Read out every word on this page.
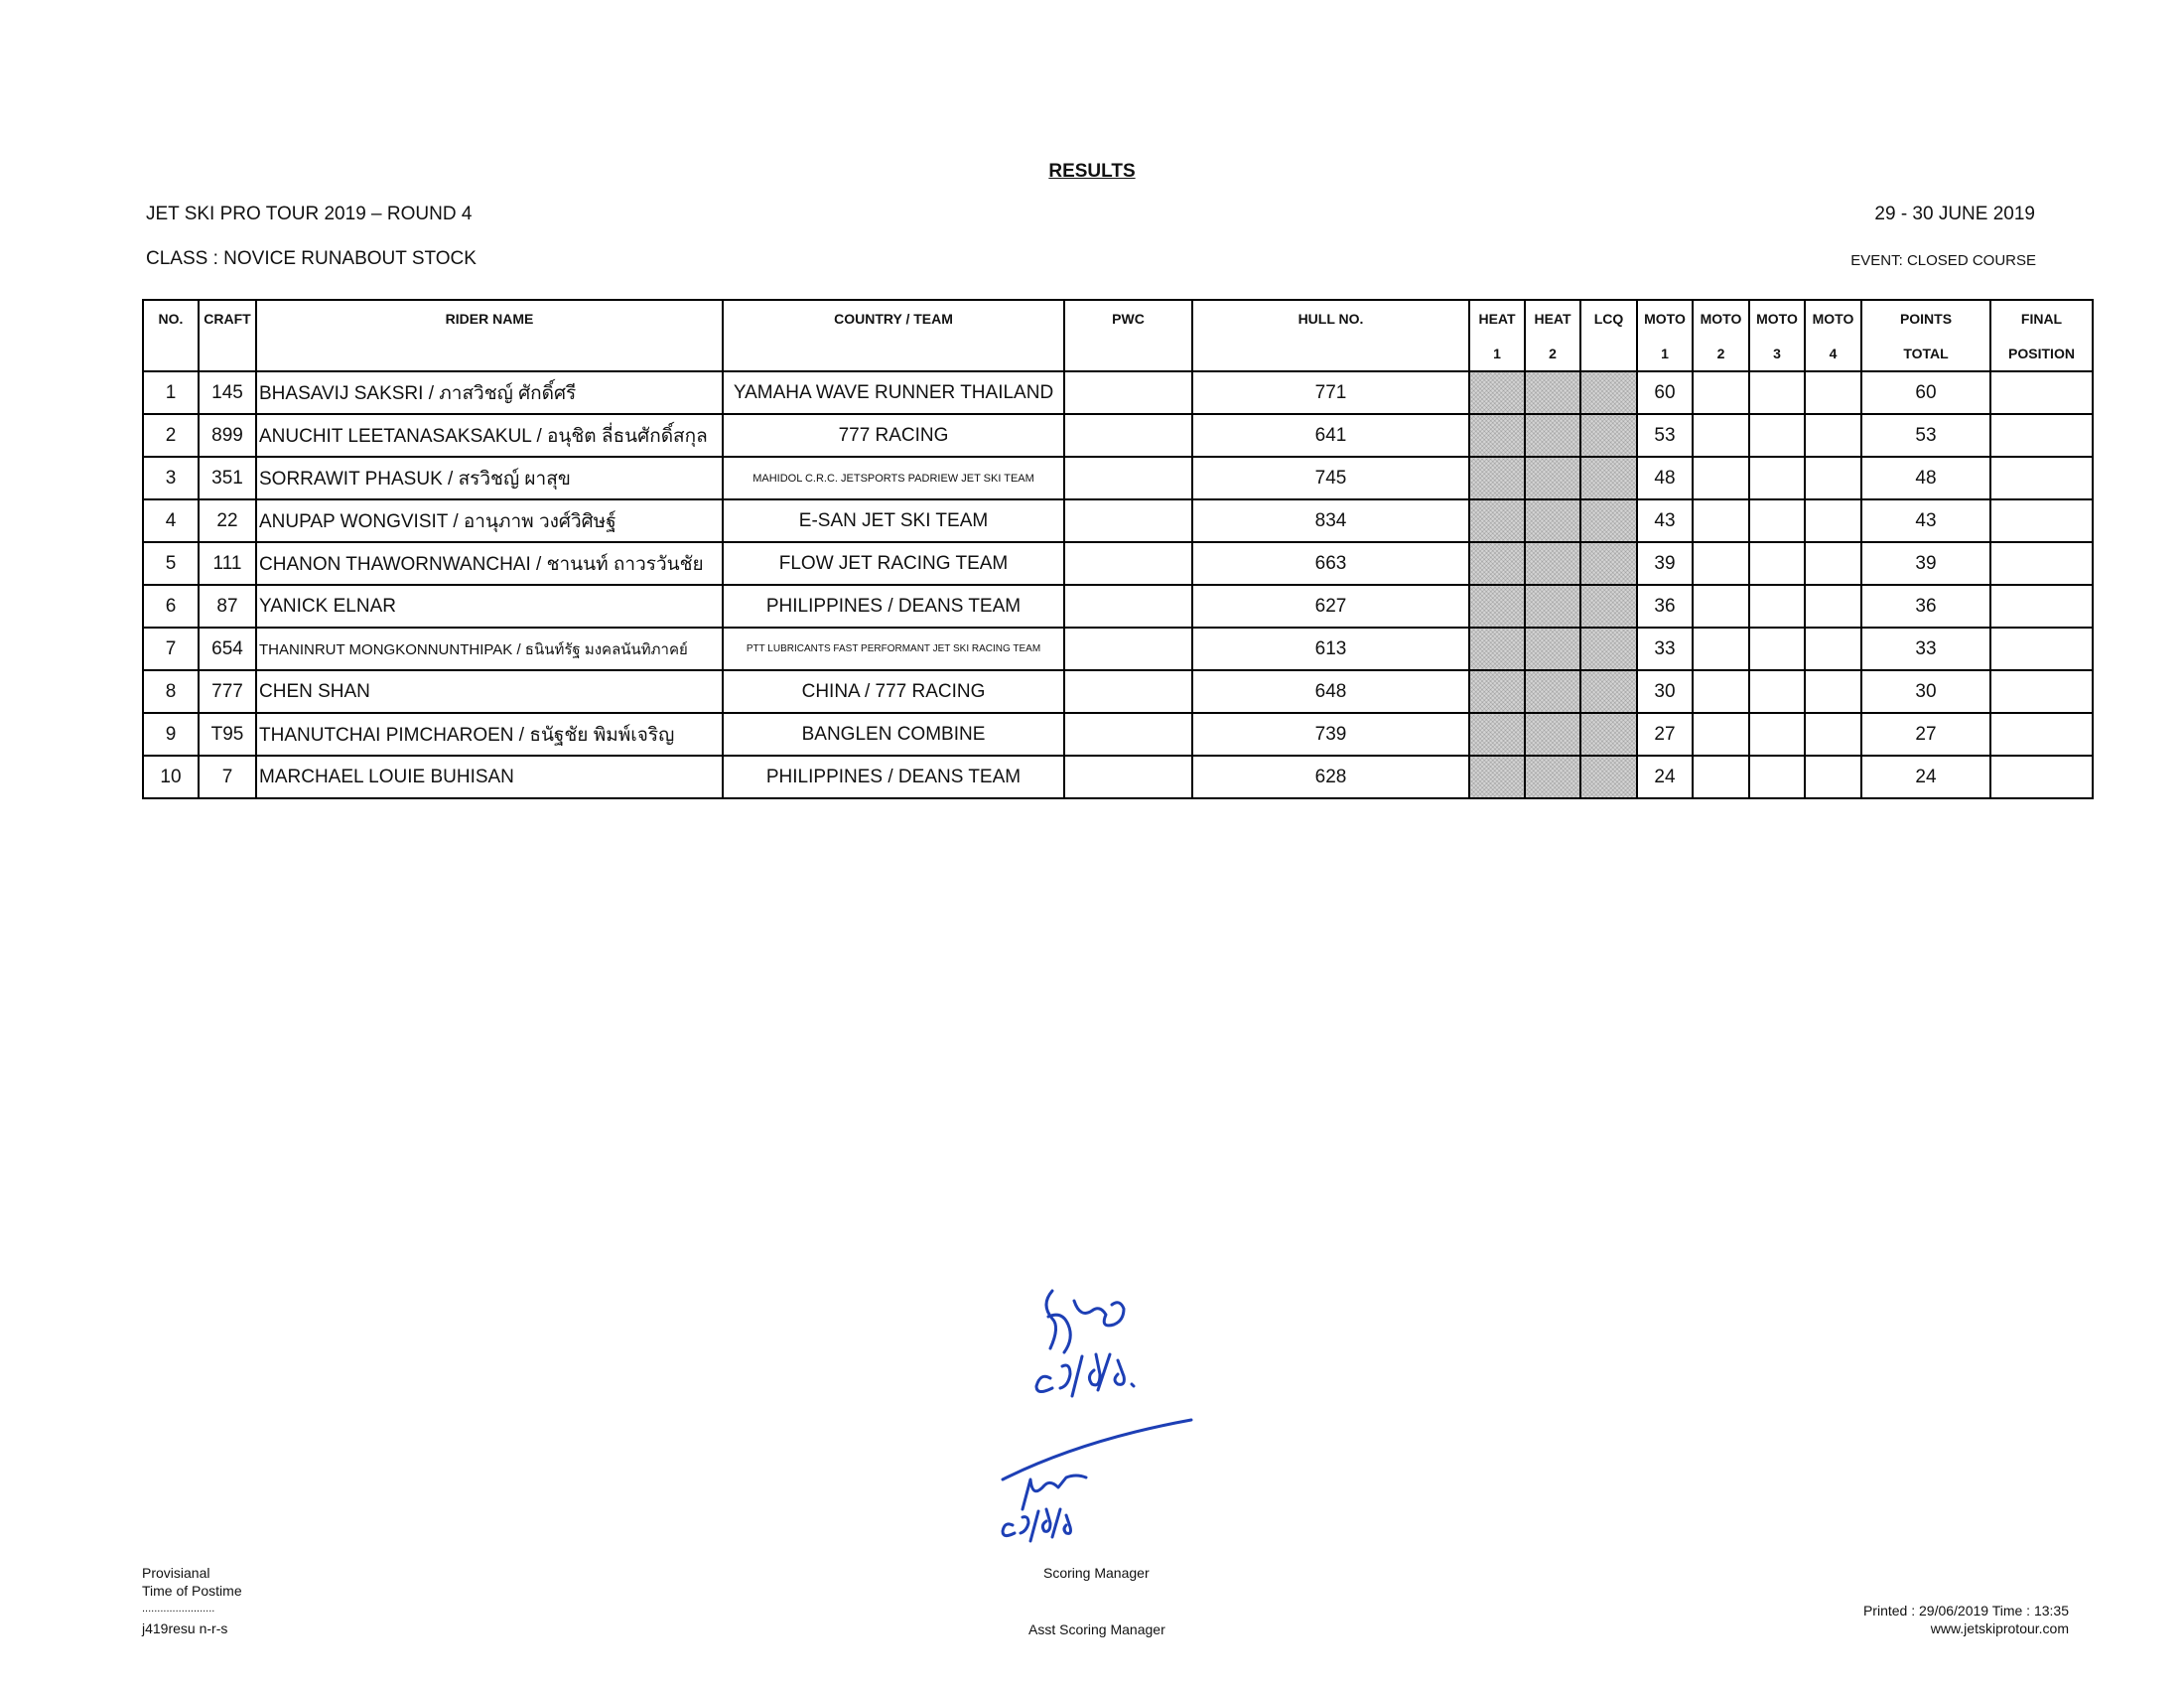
RESULTS
JET SKI PRO TOUR 2019 – ROUND 4	29 - 30 JUNE 2019
CLASS : NOVICE RUNABOUT STOCK	EVENT: CLOSED COURSE
NO.	CRAFT	RIDER NAME	COUNTRY / TEAM	PWC	HULL NO.	HEAT	HEAT	LCQ	MOTO	MOTO	MOTO	MOTO	POINTS	FINAL
						1	2		1	2	3	4	TOTAL	POSITION
1	145	BHASAVIJ SAKSRI / ภาสวิชญ์ ศักดิ์ศรี	YAMAHA WAVE RUNNER THAILAND		771				60				60	
2	899	ANUCHIT LEETANASAKSAKUL / อนุชิต ลี่ธนศักดิ์สกุล	777 RACING		641				53				53	
3	351	SORRAWIT PHASUK / สรวิชญ์ ผาสุข	MAHIDOL C.R.C. JETSPORTS PADRIEW JET SKI TEAM		745				48				48	
4	22	ANUPAP WONGVISIT / อานุภาพ วงศ์วิศิษฐ์	E-SAN JET SKI TEAM		834				43				43	
5	111	CHANON THAWORNWANCHAI / ชานนท์ ถาวรวันชัย	FLOW JET RACING TEAM		663				39				39	
6	87	YANICK ELNAR	PHILIPPINES / DEANS TEAM		627				36				36	
7	654	THANINRUT MONGKONNUNTHIPAK / ธนินท์รัฐ มงคลนันทิภาคย์	PTT LUBRICANTS FAST PERFORMANT JET SKI RACING TEAM		613				33				33	
8	777	CHEN SHAN	CHINA / 777 RACING		648				30				30	
9	T95	THANUTCHAI PIMCHAROEN / ธนัฐชัย พิมพ์เจริญ	BANGLEN COMBINE		739				27				27	
10	7	MARCHAEL LOUIE BUHISAN	PHILIPPINES / DEANS TEAM		628				24				24	
Provisianal
Time of Postime
........................
j419resu n-r-s
Scoring Manager
Asst Scoring Manager
Printed : 29/06/2019 Time : 13:35
www.jetskiprotour.com
